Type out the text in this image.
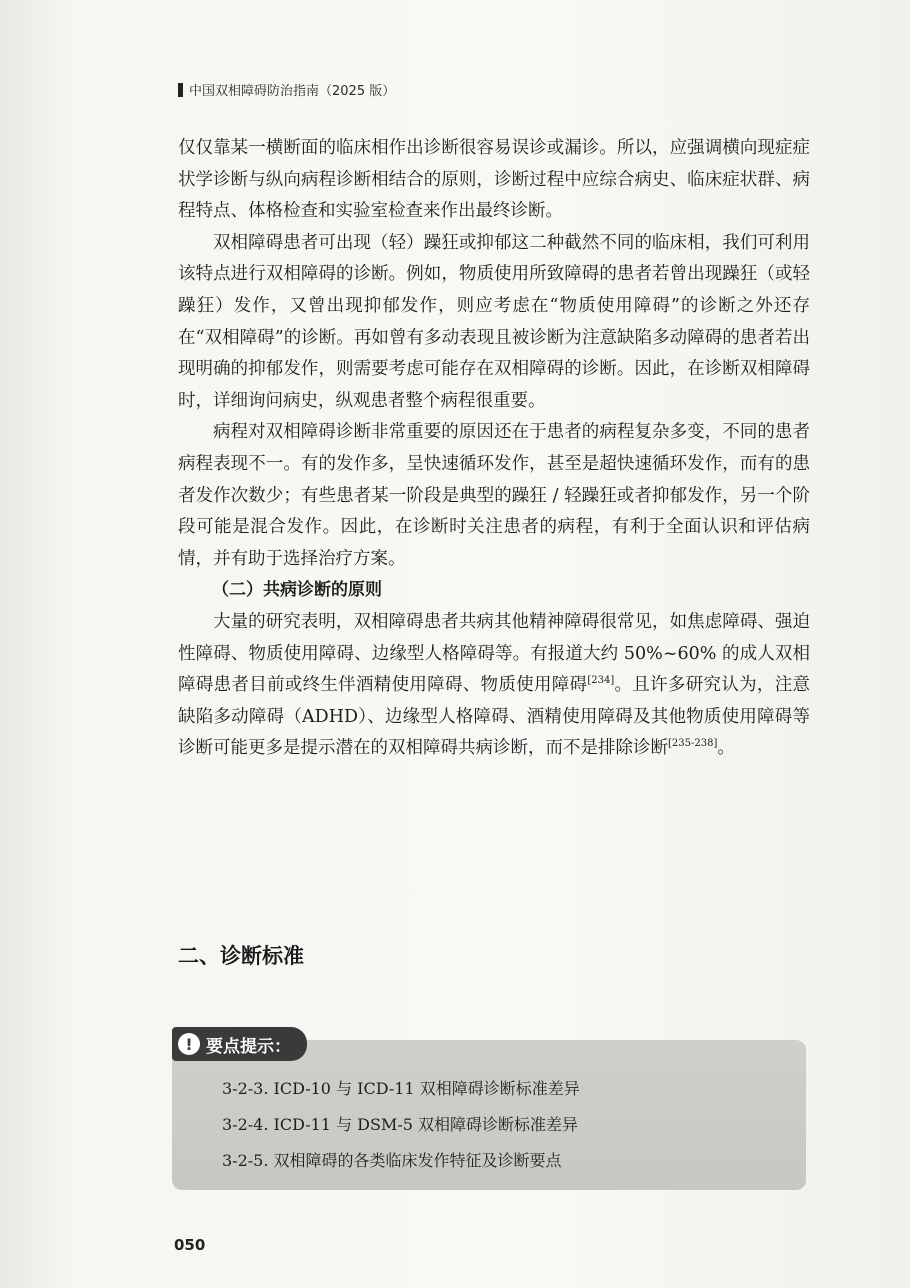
中国双相障碍防治指南（2025 版）

仅仅靠某一横断面的临床相作出诊断很容易误诊或漏诊。所以，应强调横向现症症状学诊断与纵向病程诊断相结合的原则，诊断过程中应综合病史、临床症状群、病程特点、体格检查和实验室检查来作出最终诊断。

双相障碍患者可出现（轻）躁狂或抑郁这二种截然不同的临床相，我们可利用该特点进行双相障碍的诊断。例如，物质使用所致障碍的患者若曾出现躁狂（或轻躁狂）发作，又曾出现抑郁发作，则应考虑在“物质使用障碍”的诊断之外还存在“双相障碍”的诊断。再如曾有多动表现且被诊断为注意缺陷多动障碍的患者若出现明确的抑郁发作，则需要考虑可能存在双相障碍的诊断。因此，在诊断双相障碍时，详细询问病史，纵观患者整个病程很重要。

病程对双相障碍诊断非常重要的原因还在于患者的病程复杂多变，不同的患者病程表现不一。有的发作多，呈快速循环发作，甚至是超快速循环发作，而有的患者发作次数少；有些患者某一阶段是典型的躁狂 / 轻躁狂或者抑郁发作，另一个阶段可能是混合发作。因此，在诊断时关注患者的病程，有利于全面认识和评估病情，并有助于选择治疗方案。

（二）共病诊断的原则

大量的研究表明，双相障碍患者共病其他精神障碍很常见，如焦虑障碍、强迫性障碍、物质使用障碍、边缘型人格障碍等。有报道大约 50%~60% 的成人双相障碍患者目前或终生伴酒精使用障碍、物质使用障碍[234]。且许多研究认为，注意缺陷多动障碍（ADHD）、边缘型人格障碍、酒精使用障碍及其他物质使用障碍等诊断可能更多是提示潜在的双相障碍共病诊断，而不是排除诊断[235-238]。

二、诊断标准
! 要点提示：
3-2-3. ICD-10 与 ICD-11 双相障碍诊断标准差异
3-2-4. ICD-11 与 DSM-5 双相障碍诊断标准差异
3-2-5. 双相障碍的各类临床发作特征及诊断要点
050
